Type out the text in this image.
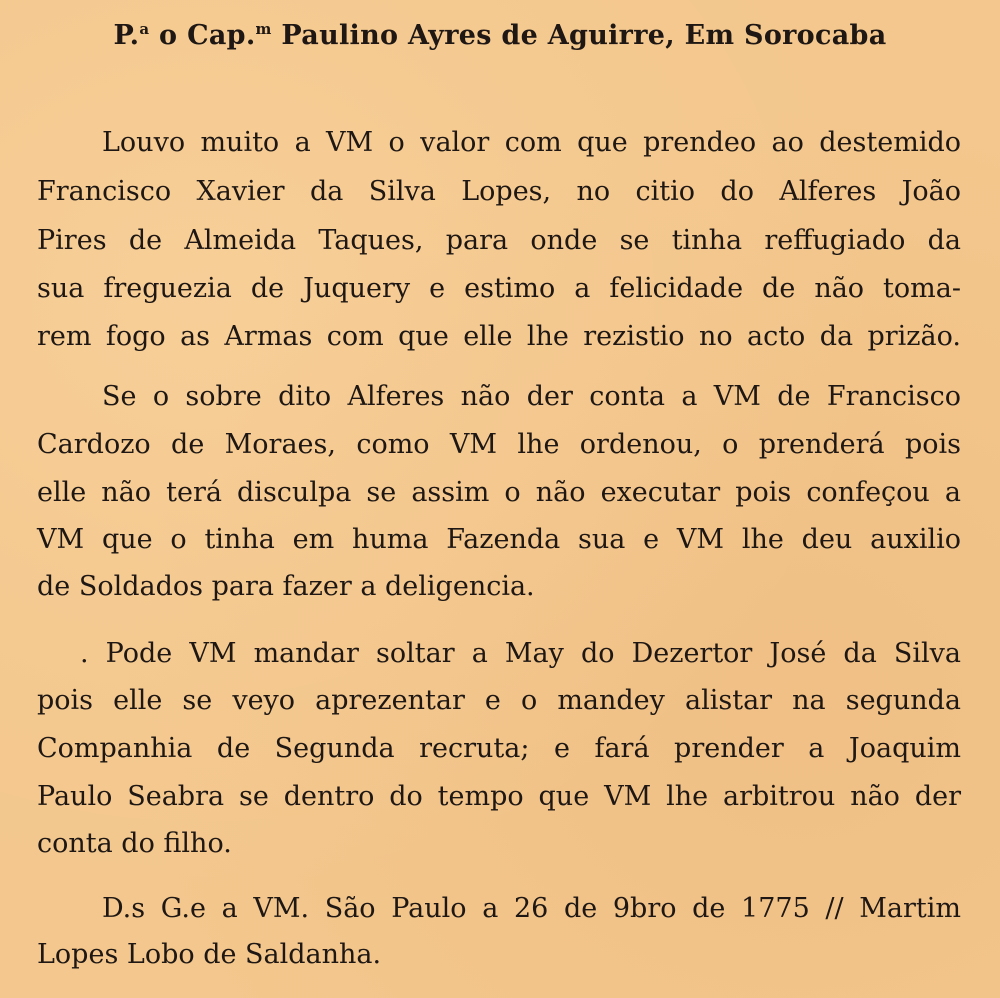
P.$^a$ o Cap.$^m$ Paulino Ayres de Aguirre, Em Sorocaba
Louvo muito a VM o valor com que prendeo ao destemido
Francisco Xavier da Silva Lopes, no citio do Alferes João
Pires de Almeida Taques, para onde se tinha reffugiado da
sua freguezia de Juquery e estimo a felicidade de não toma-
rem fogo as Armas com que elle lhe rezistio no acto da prizão.
Se o sobre dito Alferes não der conta a VM de Francisco
Cardozo de Moraes, como VM lhe ordenou, o prenderá pois
elle não terá disculpa se assim o não executar pois confeçou a
VM que o tinha em huma Fazenda sua e VM lhe deu auxilio
de Soldados para fazer a deligencia.
. Pode VM mandar soltar a May do Dezertor José da Silva
pois elle se veyo aprezentar e o mandey alistar na segunda
Companhia de Segunda recruta; e fará prender a Joaquim
Paulo Seabra se dentro do tempo que VM lhe arbitrou não der
conta do filho.
D.s G.e a VM. São Paulo a 26 de 9bro de 1775 // Martim
Lopes Lobo de Saldanha.
